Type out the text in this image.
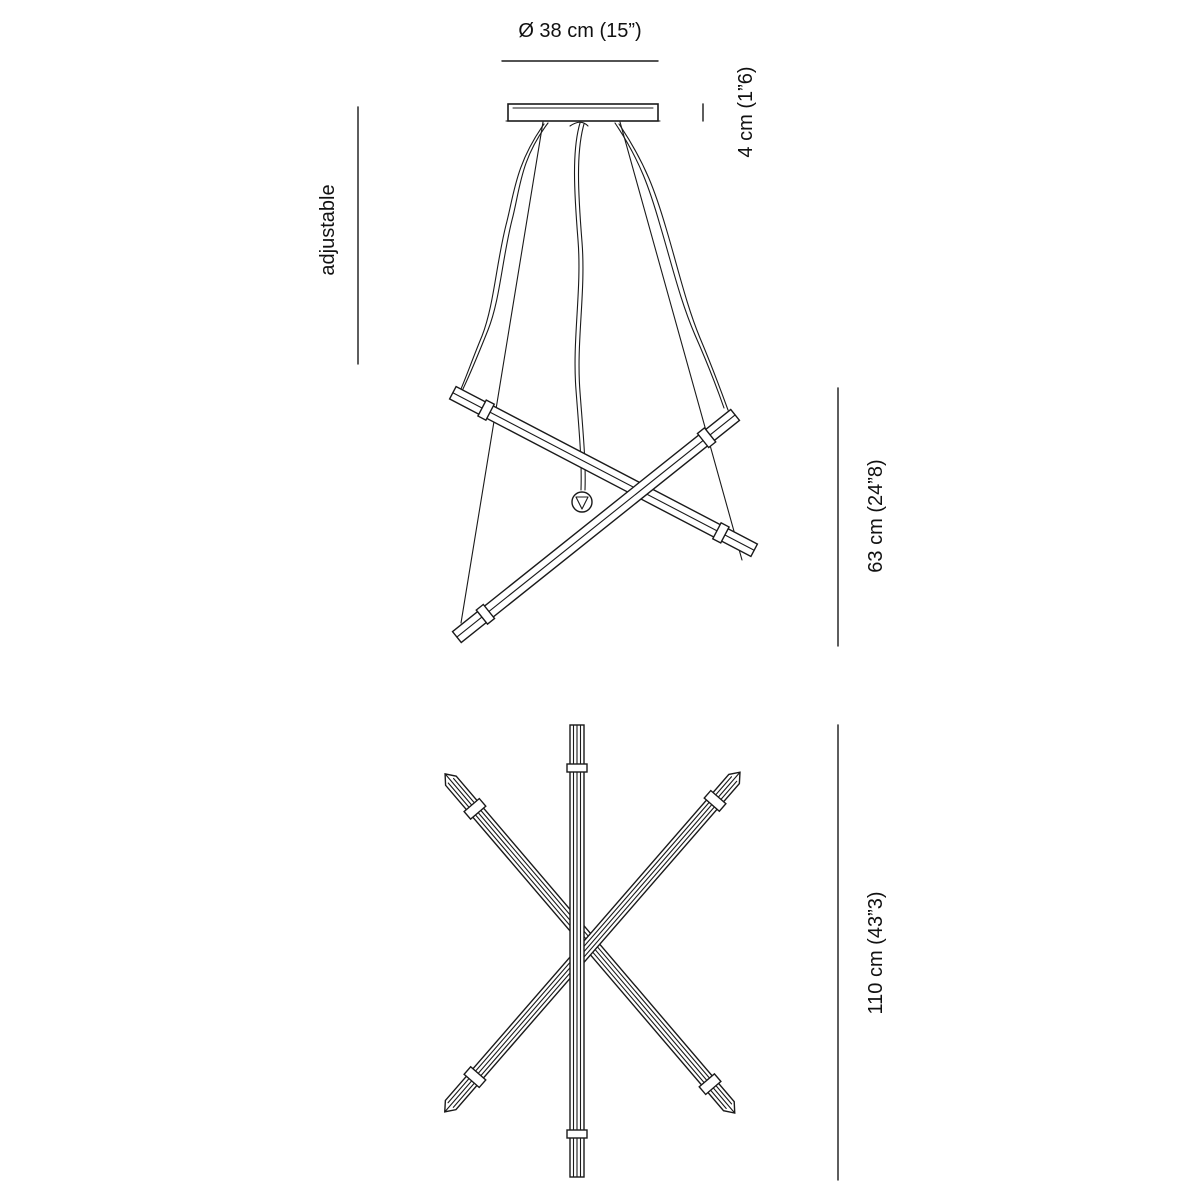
Ø 38 cm (15”)
4 cm (1”6)
adjustable
63 cm (24”8)
110 cm (43”3)
